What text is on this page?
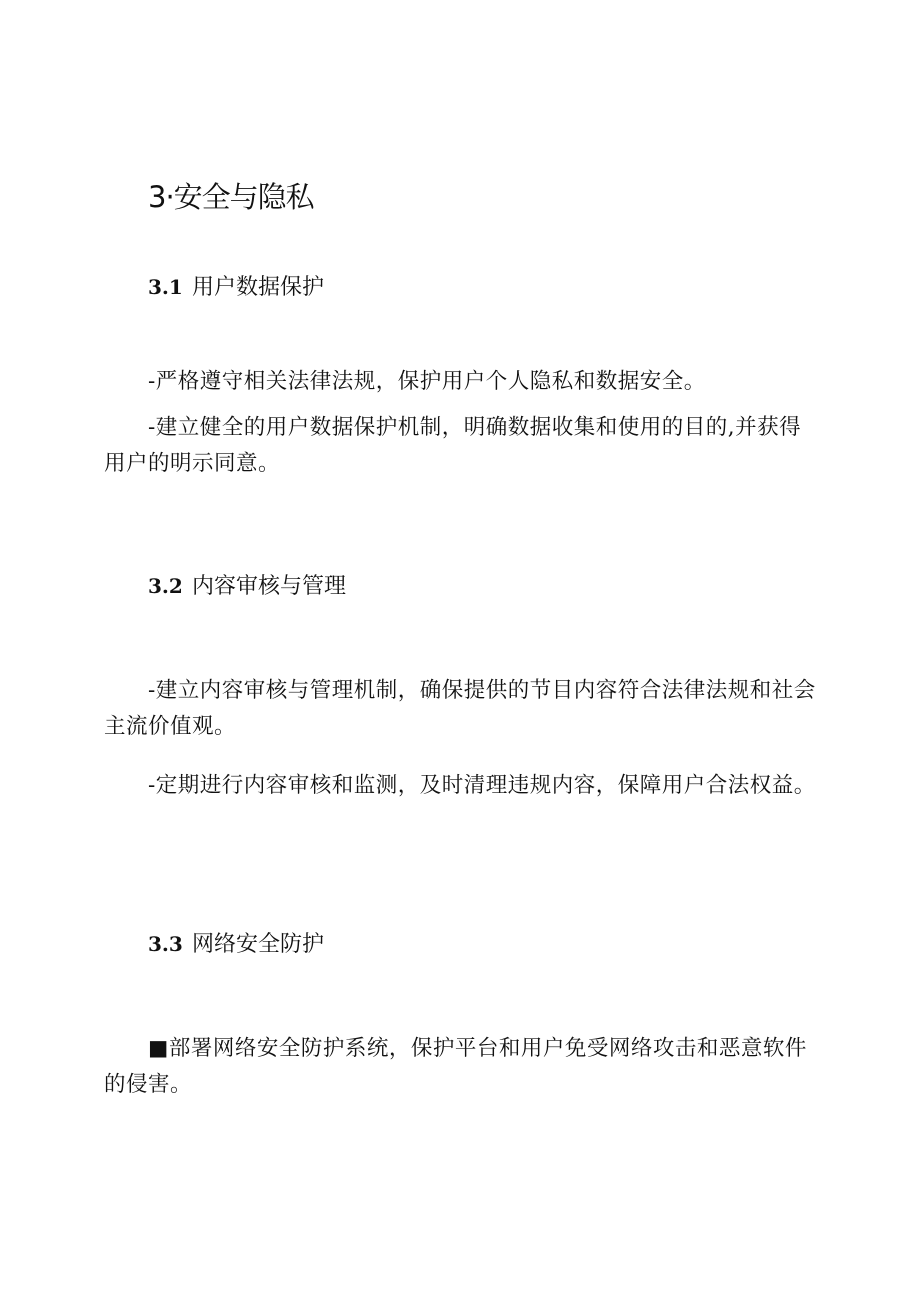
3·安全与隐私
3.1 用户数据保护

-严格遵守相关法律法规，保护用户个人隐私和数据安全。

-建立健全的用户数据保护机制，明确数据收集和使用的目的,并获得用户的明示同意。

3.2 内容审核与管理

-建立内容审核与管理机制，确保提供的节目内容符合法律法规和社会主流价值观。

-定期进行内容审核和监测，及时清理违规内容，保障用户合法权益。

3.3 网络安全防护

■部署网络安全防护系统，保护平台和用户免受网络攻击和恶意软件的侵害。
